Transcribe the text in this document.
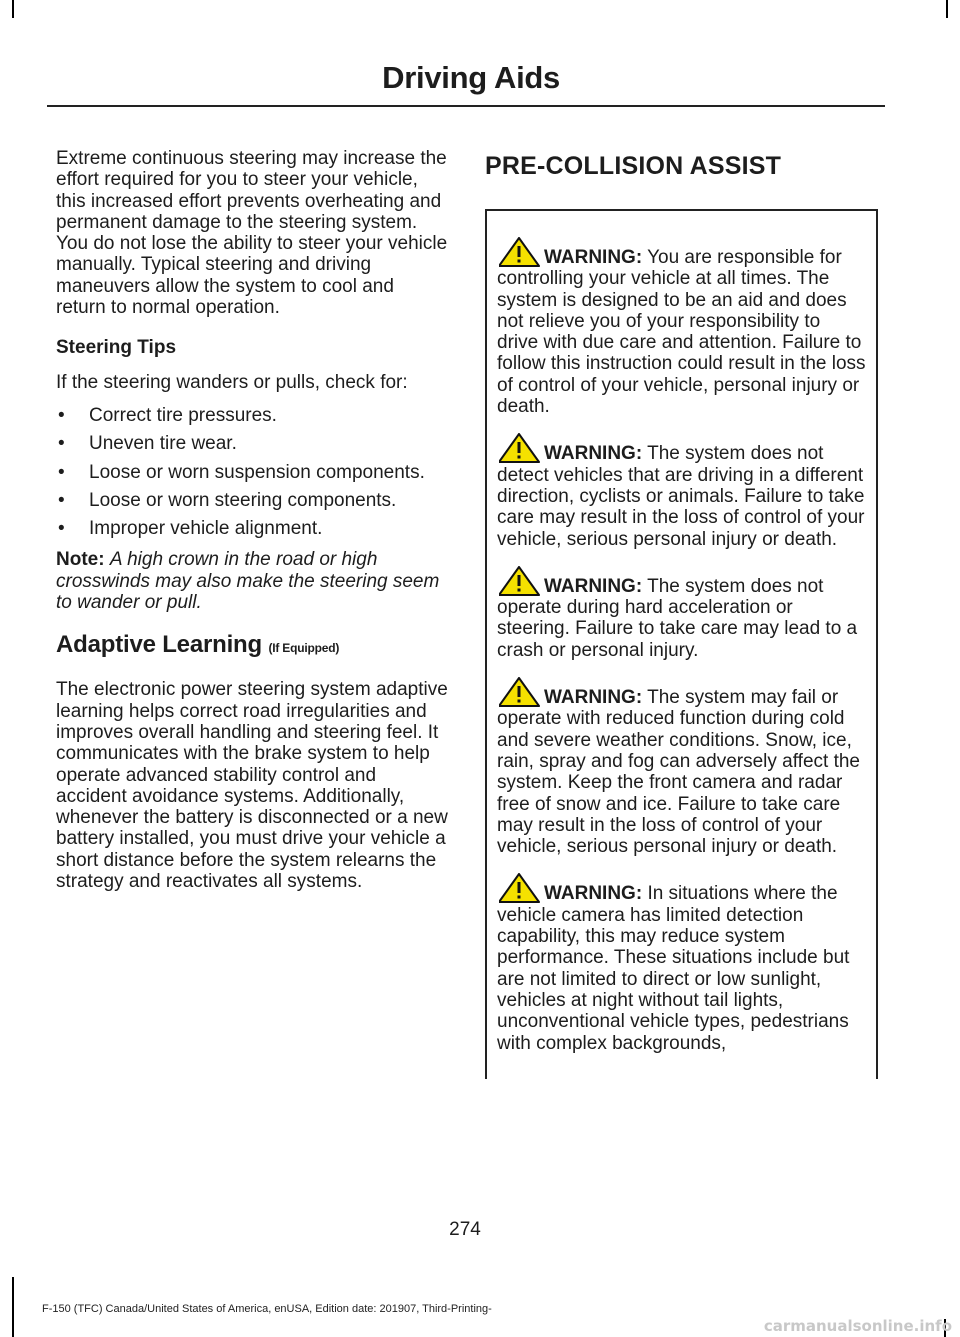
Driving Aids

Extreme continuous steering may increase the effort required for you to steer your vehicle, this increased effort prevents overheating and permanent damage to the steering system. You do not lose the ability to steer your vehicle manually. Typical steering and driving maneuvers allow the system to cool and return to normal operation.

Steering Tips

If the steering wanders or pulls, check for:

• Correct tire pressures.
• Uneven tire wear.
• Loose or worn suspension components.
• Loose or worn steering components.
• Improper vehicle alignment.

Note: A high crown in the road or high crosswinds may also make the steering seem to wander or pull.

Adaptive Learning (If Equipped)

The electronic power steering system adaptive learning helps correct road irregularities and improves overall handling and steering feel. It communicates with the brake system to help operate advanced stability control and accident avoidance systems. Additionally, whenever the battery is disconnected or a new battery installed, you must drive your vehicle a short distance before the system relearns the strategy and reactivates all systems.

PRE-COLLISION ASSIST

WARNING: You are responsible for controlling your vehicle at all times. The system is designed to be an aid and does not relieve you of your responsibility to drive with due care and attention. Failure to follow this instruction could result in the loss of control of your vehicle, personal injury or death.

WARNING: The system does not detect vehicles that are driving in a different direction, cyclists or animals. Failure to take care may result in the loss of control of your vehicle, serious personal injury or death.

WARNING: The system does not operate during hard acceleration or steering. Failure to take care may lead to a crash or personal injury.

WARNING: The system may fail or operate with reduced function during cold and severe weather conditions. Snow, ice, rain, spray and fog can adversely affect the system. Keep the front camera and radar free of snow and ice. Failure to take care may result in the loss of control of your vehicle, serious personal injury or death.

WARNING: In situations where the vehicle camera has limited detection capability, this may reduce system performance. These situations include but are not limited to direct or low sunlight, vehicles at night without tail lights, unconventional vehicle types, pedestrians with complex backgrounds,

274
F-150 (TFC) Canada/United States of America, enUSA, Edition date: 201907, Third-Printing-
carmanualsonline.info
